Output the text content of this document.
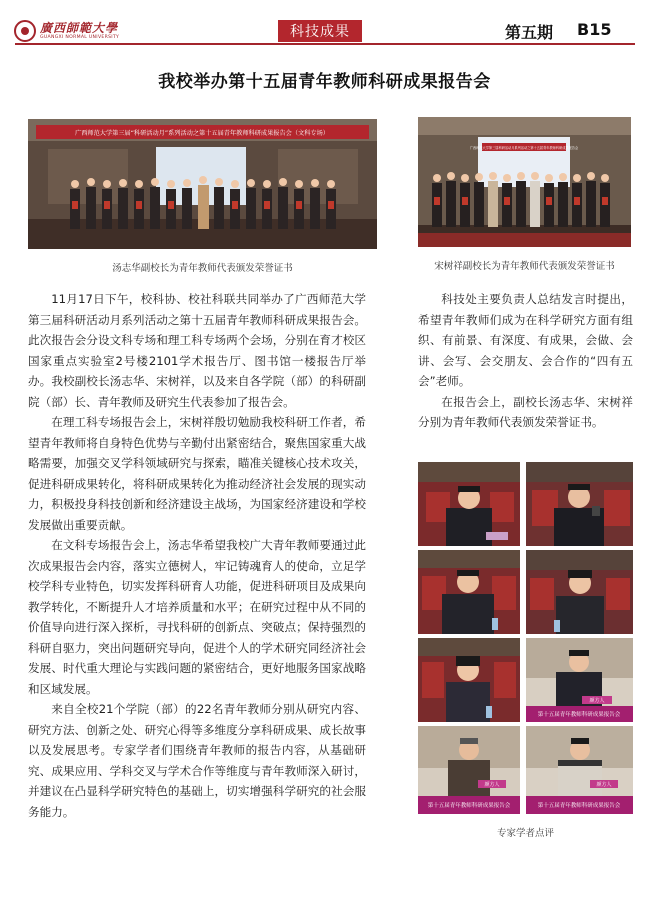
廣西師範大學
GUANGXI NORMAL UNIVERSITY	科技成果	第五期 B15
我校举办第十五届青年教师科研成果报告会
广西师范大学第三届“科研活动月”系列活动之第十五届青年教师科研成果报告会（文科专场）
汤志华副校长为青年教师代表颁发荣誉证书
广西师范大学第三届科研活动月系列活动之第十五届青年教师科研成果报告会
宋树祥副校长为青年教师代表颁发荣誉证书

11月17日下午，校科协、校社科联共同举办了广西师范大学第三届科研活动月系列活动之第十五届青年教师科研成果报告会。此次报告会分设文科专场和理工科专场两个会场，分别在育才校区国家重点实验室2号楼2101学术报告厅、图书馆一楼报告厅举办。我校副校长汤志华、宋树祥，以及来自各学院（部）的科研副院（部）长、青年教师及研究生代表参加了报告会。

在理工科专场报告会上，宋树祥殷切勉励我校科研工作者，希望青年教师将自身特色优势与辛勤付出紧密结合，聚焦国家重大战略需要，加强交叉学科领域研究与探索，瞄准关键核心技术攻关，促进科研成果转化，将科研成果转化为推动经济社会发展的现实动力，积极投身科技创新和经济建设主战场，为国家经济建设和学校发展做出重要贡献。

在文科专场报告会上，汤志华希望我校广大青年教师要通过此次成果报告会内容，落实立德树人，牢记铸魂育人的使命，立足学校学科专业特色，切实发挥科研育人功能，促进科研项目及成果向教学转化，不断提升人才培养质量和水平；在研究过程中从不同的价值导向进行深入探析，寻找科研的创新点、突破点；保持强烈的科研自驱力，突出问题研究导向，促进个人的学术研究同经济社会发展、时代重大理论与实践问题的紧密结合，更好地服务国家战略和区域发展。

来自全校21个学院（部）的22名青年教师分别从研究内容、研究方法、创新之处、研究心得等多维度分享科研成果、成长故事以及发展思考。专家学者们围绕青年教师的报告内容，从基础研究、成果应用、学科交叉与学术合作等维度与青年教师深入研讨，并建议在凸显科学研究特色的基础上，切实增强科学研究的社会服务能力。

科技处主要负责人总结发言时提出，希望青年教师们成为在科学研究方面有组织、有前景、有深度、有成果，会做、会讲、会写、会交朋友、会合作的“四有五会”老师。

在报告会上，副校长汤志华、宋树祥分别为青年教师代表颁发荣誉证书。

颜方人
第十五届青年教师科研成果报告会
颜方人
第十五届青年教师科研成果报告会
颜方人
第十五届青年教师科研成果报告会
专家学者点评
